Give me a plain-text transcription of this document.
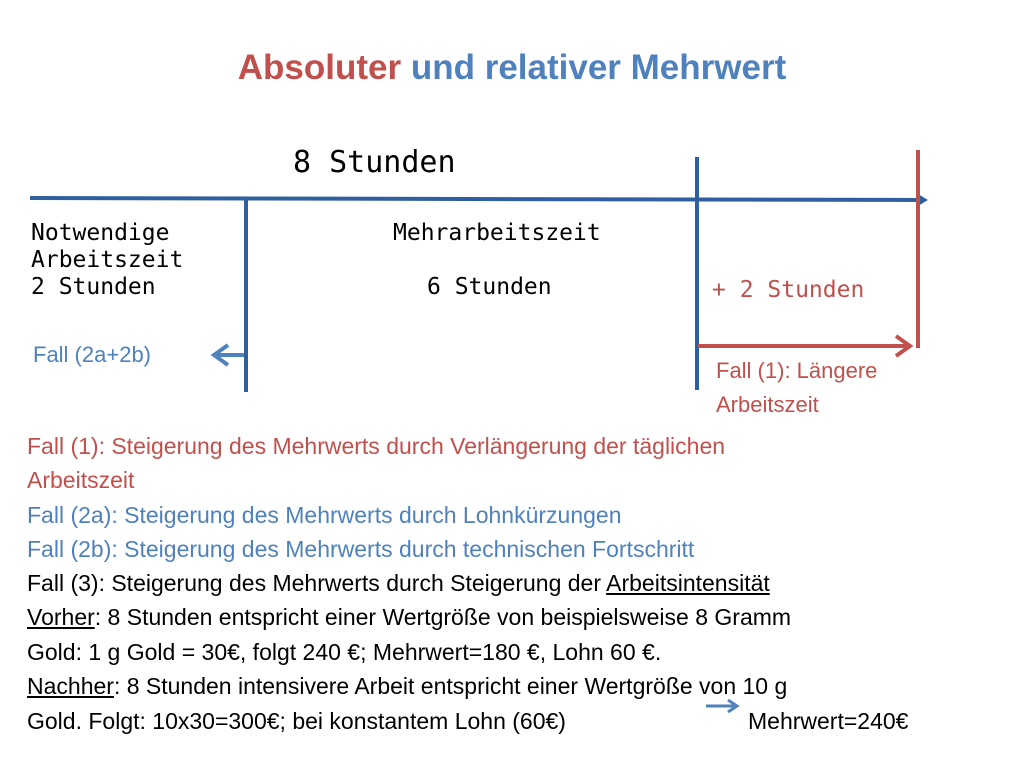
Absoluter und relativer Mehrwert
8 Stunden
Notwendige
Arbeitszeit
2 Stunden
Mehrarbeitszeit
6 Stunden	+ 2 Stunden
Fall (2a+2b)
Fall (1): Längere
Arbeitszeit
Fall (1): Steigerung des Mehrwerts durch Verlängerung der täglichen
Arbeitszeit
Fall (2a): Steigerung des Mehrwerts durch Lohnkürzungen
Fall (2b): Steigerung des Mehrwerts durch technischen Fortschritt
Fall (3): Steigerung des Mehrwerts durch Steigerung der Arbeitsintensität
Vorher: 8 Stunden entspricht einer Wertgröße von beispielsweise 8 Gramm
Gold: 1 g Gold = 30€, folgt 240 €; Mehrwert=180 €, Lohn 60 €.
Nachher: 8 Stunden intensivere Arbeit entspricht einer Wertgröße von 10 g
Gold. Folgt: 10x30=300€; bei konstantem Lohn (60€)	Mehrwert=240€
